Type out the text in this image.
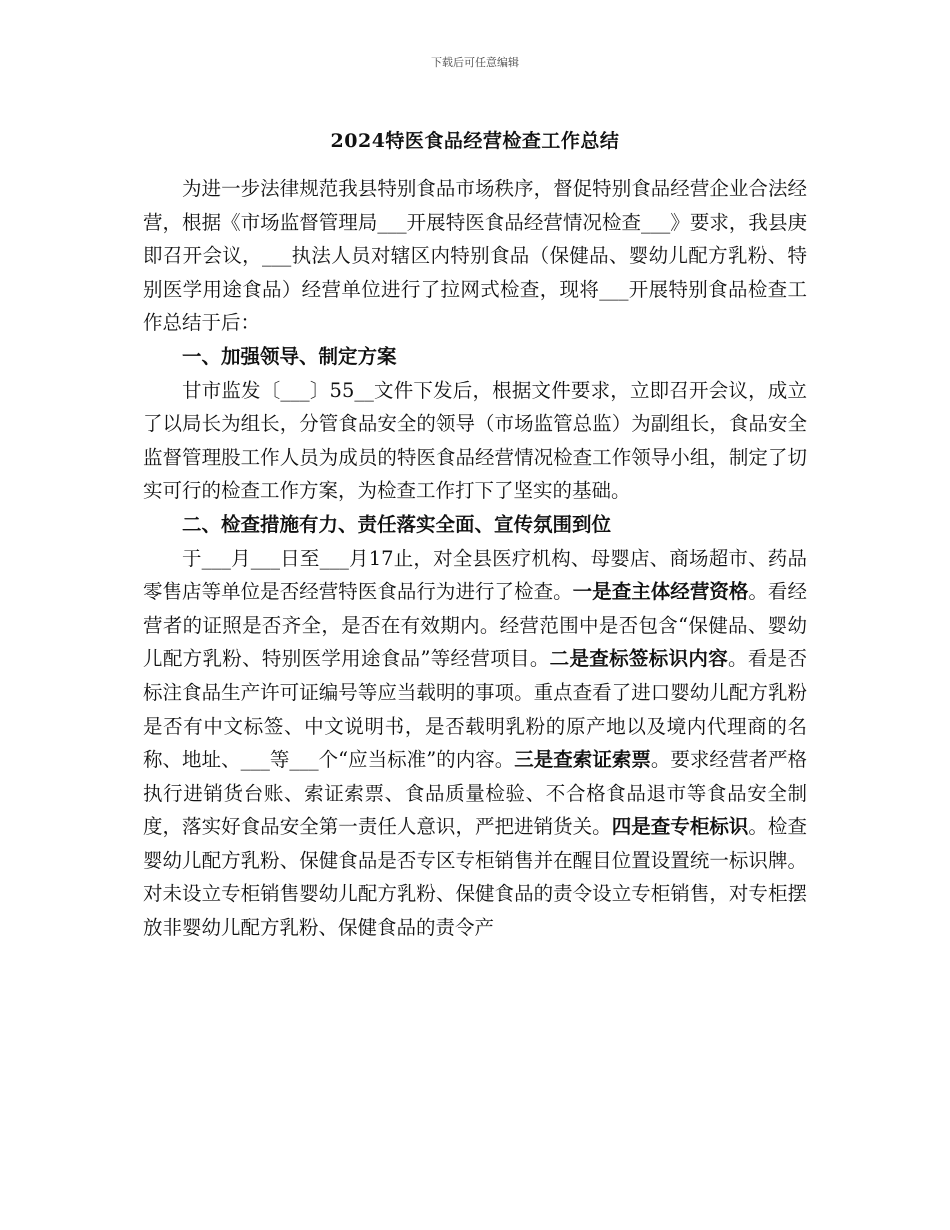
下载后可任意编辑
2024特医食品经营检查工作总结

为进一步法律规范我县特别食品市场秩序，督促特别食品经营企业合法经营，根据《市场监督管理局___开展特医食品经营情况检查___》要求，我县庚即召开会议，___执法人员对辖区内特别食品（保健品、婴幼儿配方乳粉、特别医学用途食品）经营单位进行了拉网式检查，现将___开展特别食品检查工作总结于后：

一、加强领导、制定方案

甘市监发〔___〕55__文件下发后，根据文件要求，立即召开会议，成立了以局长为组长，分管食品安全的领导（市场监管总监）为副组长，食品安全监督管理股工作人员为成员的特医食品经营情况检查工作领导小组，制定了切实可行的检查工作方案，为检查工作打下了坚实的基础。

二、检查措施有力、责任落实全面、宣传氛围到位

于___月___日至___月17止，对全县医疗机构、母婴店、商场超市、药品零售店等单位是否经营特医食品行为进行了检查。一是查主体经营资格。看经营者的证照是否齐全，是否在有效期内。经营范围中是否包含“保健品、婴幼儿配方乳粉、特别医学用途食品”等经营项目。二是查标签标识内容。看是否标注食品生产许可证编号等应当载明的事项。重点查看了进口婴幼儿配方乳粉是否有中文标签、中文说明书，是否载明乳粉的原产地以及境内代理商的名称、地址、___等___个“应当标准”的内容。三是查索证索票。要求经营者严格执行进销货台账、索证索票、食品质量检验、不合格食品退市等食品安全制度，落实好食品安全第一责任人意识，严把进销货关。四是查专柜标识。检查婴幼儿配方乳粉、保健食品是否专区专柜销售并在醒目位置设置统一标识牌。对未设立专柜销售婴幼儿配方乳粉、保健食品的责令设立专柜销售，对专柜摆放非婴幼儿配方乳粉、保健食品的责令产
